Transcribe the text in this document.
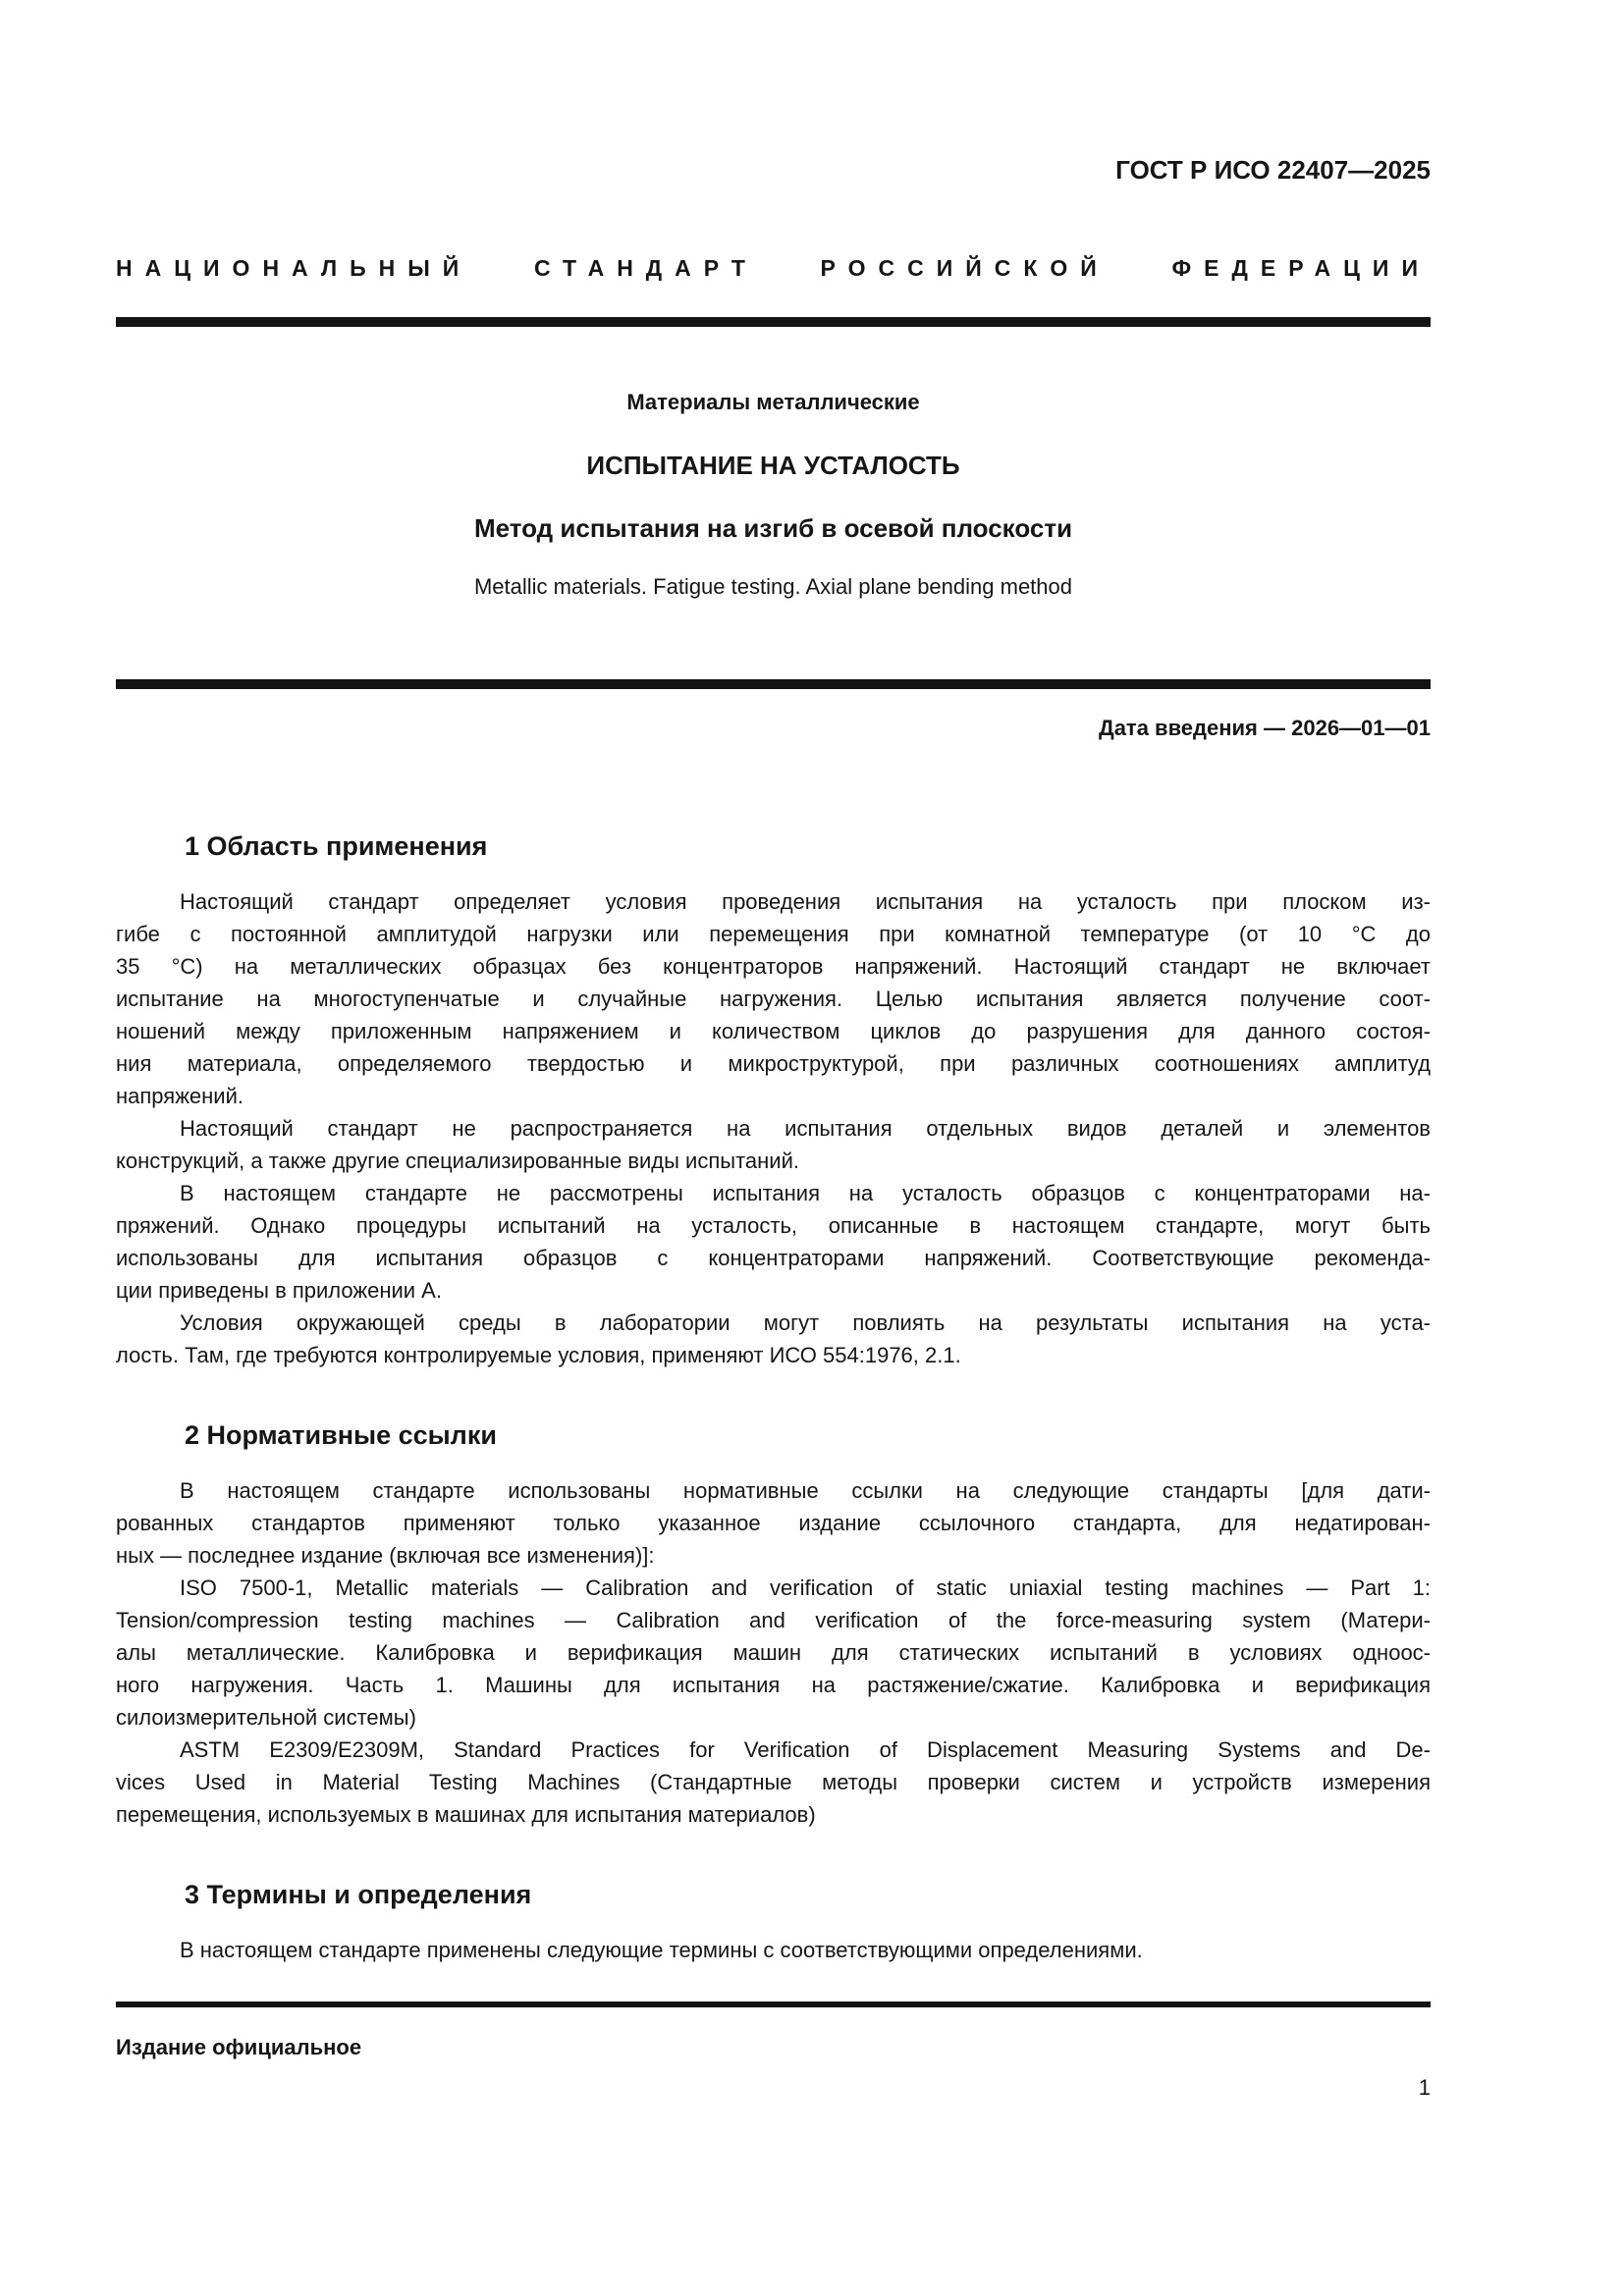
ГОСТ Р ИСО 22407—2025
НАЦИОНАЛЬНЫЙ СТАНДАРТ РОССИЙСКОЙ ФЕДЕРАЦИИ
Материалы металлические
ИСПЫТАНИЕ НА УСТАЛОСТЬ
Метод испытания на изгиб в осевой плоскости
Metallic materials. Fatigue testing. Axial plane bending method
Дата введения — 2026—01—01
1 Область применения
Настоящий стандарт определяет условия проведения испытания на усталость при плоском из-
гибе с постоянной амплитудой нагрузки или перемещения при комнатной температуре (от 10 °С до
35 °С) на металлических образцах без концентраторов напряжений. Настоящий стандарт не включает
испытание на многоступенчатые и случайные нагружения. Целью испытания является получение соот-
ношений между приложенным напряжением и количеством циклов до разрушения для данного состоя-
ния материала, определяемого твердостью и микроструктурой, при различных соотношениях амплитуд
напряжений.
Настоящий стандарт не распространяется на испытания отдельных видов деталей и элементов
конструкций, а также другие специализированные виды испытаний.
В настоящем стандарте не рассмотрены испытания на усталость образцов с концентраторами на-
пряжений. Однако процедуры испытаний на усталость, описанные в настоящем стандарте, могут быть
использованы для испытания образцов с концентраторами напряжений. Соответствующие рекоменда-
ции приведены в приложении А.
Условия окружающей среды в лаборатории могут повлиять на результаты испытания на уста-
лость. Там, где требуются контролируемые условия, применяют ИСО 554:1976, 2.1.
2 Нормативные ссылки
В настоящем стандарте использованы нормативные ссылки на следующие стандарты [для дати-
рованных стандартов применяют только указанное издание ссылочного стандарта, для недатирован-
ных — последнее издание (включая все изменения)]:
ISO 7500-1, Metallic materials — Calibration and verification of static uniaxial testing machines — Part 1:
Tension/compression testing machines — Calibration and verification of the force-measuring system (Матери-
алы металлические. Калибровка и верификация машин для статических испытаний в условиях одноос-
ного нагружения. Часть 1. Машины для испытания на растяжение/сжатие. Калибровка и верификация
силоизмерительной системы)
ASTM E2309/E2309M, Standard Practices for Verification of Displacement Measuring Systems and De-
vices Used in Material Testing Machines (Стандартные методы проверки систем и устройств измерения
перемещения, используемых в машинах для испытания материалов)
3 Термины и определения
В настоящем стандарте применены следующие термины с соответствующими определениями.
Издание официальное
1
